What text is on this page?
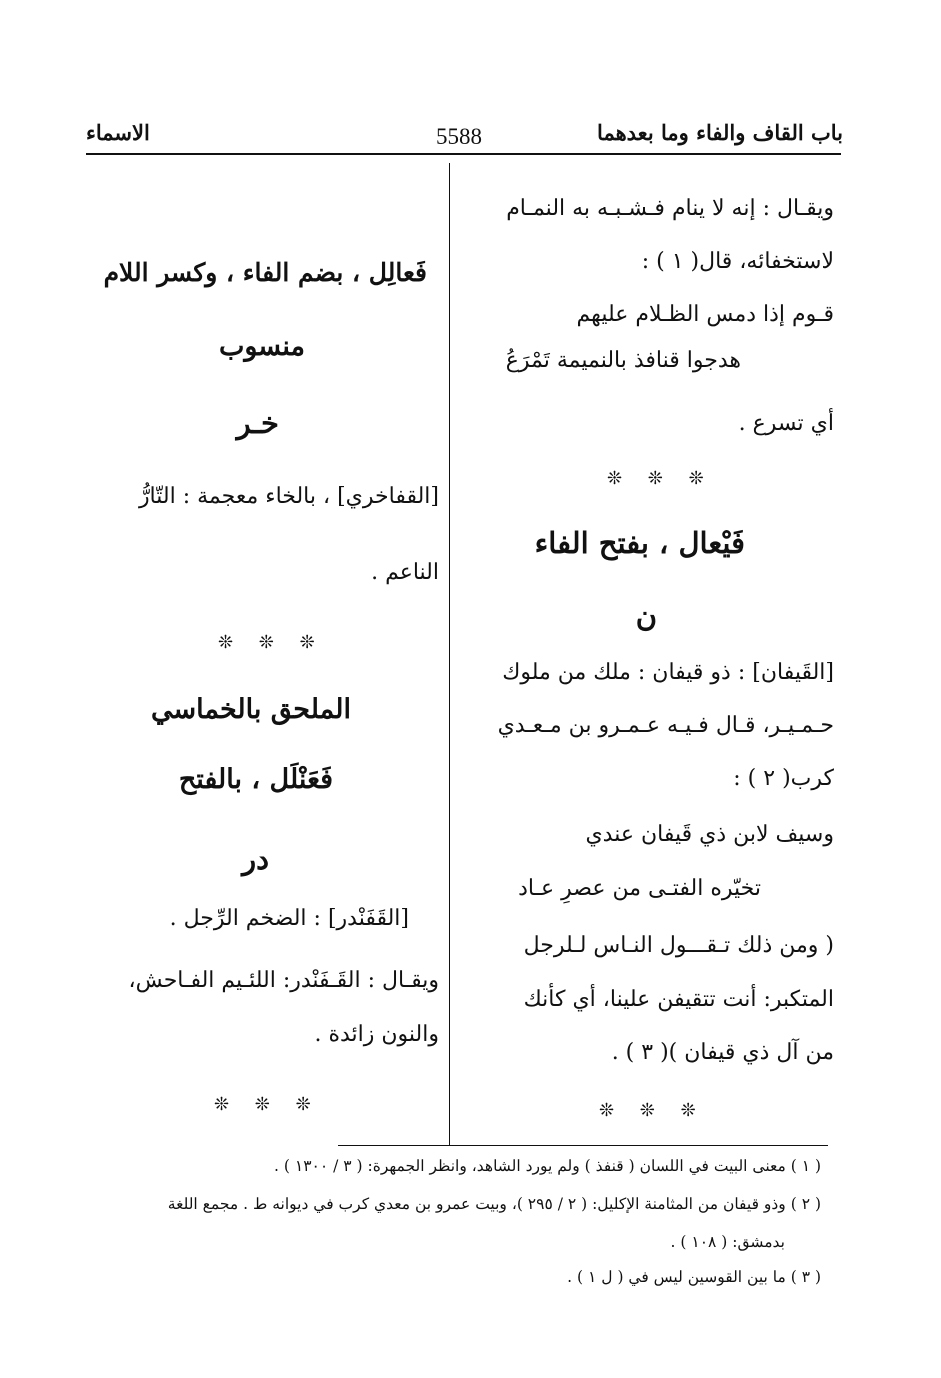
باب القاف والفاء وما بعدهما
5588
الاسماء
ويقـال : إنه لا ينام فـشـبـه به النمـام
لاستخفائه، قال( ١ ) :
قـوم إذا دمس الظـلام عليهم
هدجوا قنافذ بالنميمة تَمْرَعُ
أي تسرع .
❊ ❊ ❊
فَيْعال ، بفتح الفاء
ن
[القَيفان] : ذو قيفان : ملك من ملوك
حـمـيـر، قـال فـيـه عـمـرو بن مـعـدي
كرب( ٢ ) :
وسيف لابن ذي قَيفان عندي
تخيّره الفتـى من عصرِ عـاد
( ومن ذلك تـقـــول النـاس لـلرجل
المتكبر: أنت تتقيفن علينا، أي كأنك
من آل ذي قيفان )( ٣ ) .
❊ ❊ ❊
فَعالِل ، بضم الفاء ، وكسر اللام
منسوب
خـر
[القفاخري] ، بالخاء معجمة : التّارُّ
الناعم .
❊ ❊ ❊
الملحق بالخماسي
فَعَنْلَل ، بالفتح
در
[القَفَنْدر] : الضخم الرِّجل .
ويقـال : القَـفَنْدر: اللئـيم الفـاحش،
والنون زائدة .
❊ ❊ ❊
( ١ ) معنى البيت في اللسان ( قنفذ ) ولم يورد الشاهد، وانظر الجمهرة: ( ٣ / ١٣٠٠ ) .
( ٢ ) وذو قيفان من المثامنة الإكليل: ( ٢ / ٢٩٥ )، وبيت عمرو بن معدي كرب في ديوانه ط . مجمع اللغة
بدمشق: ( ١٠٨ ) .
( ٣ ) ما بين القوسين ليس في ( ل ١ ) .
